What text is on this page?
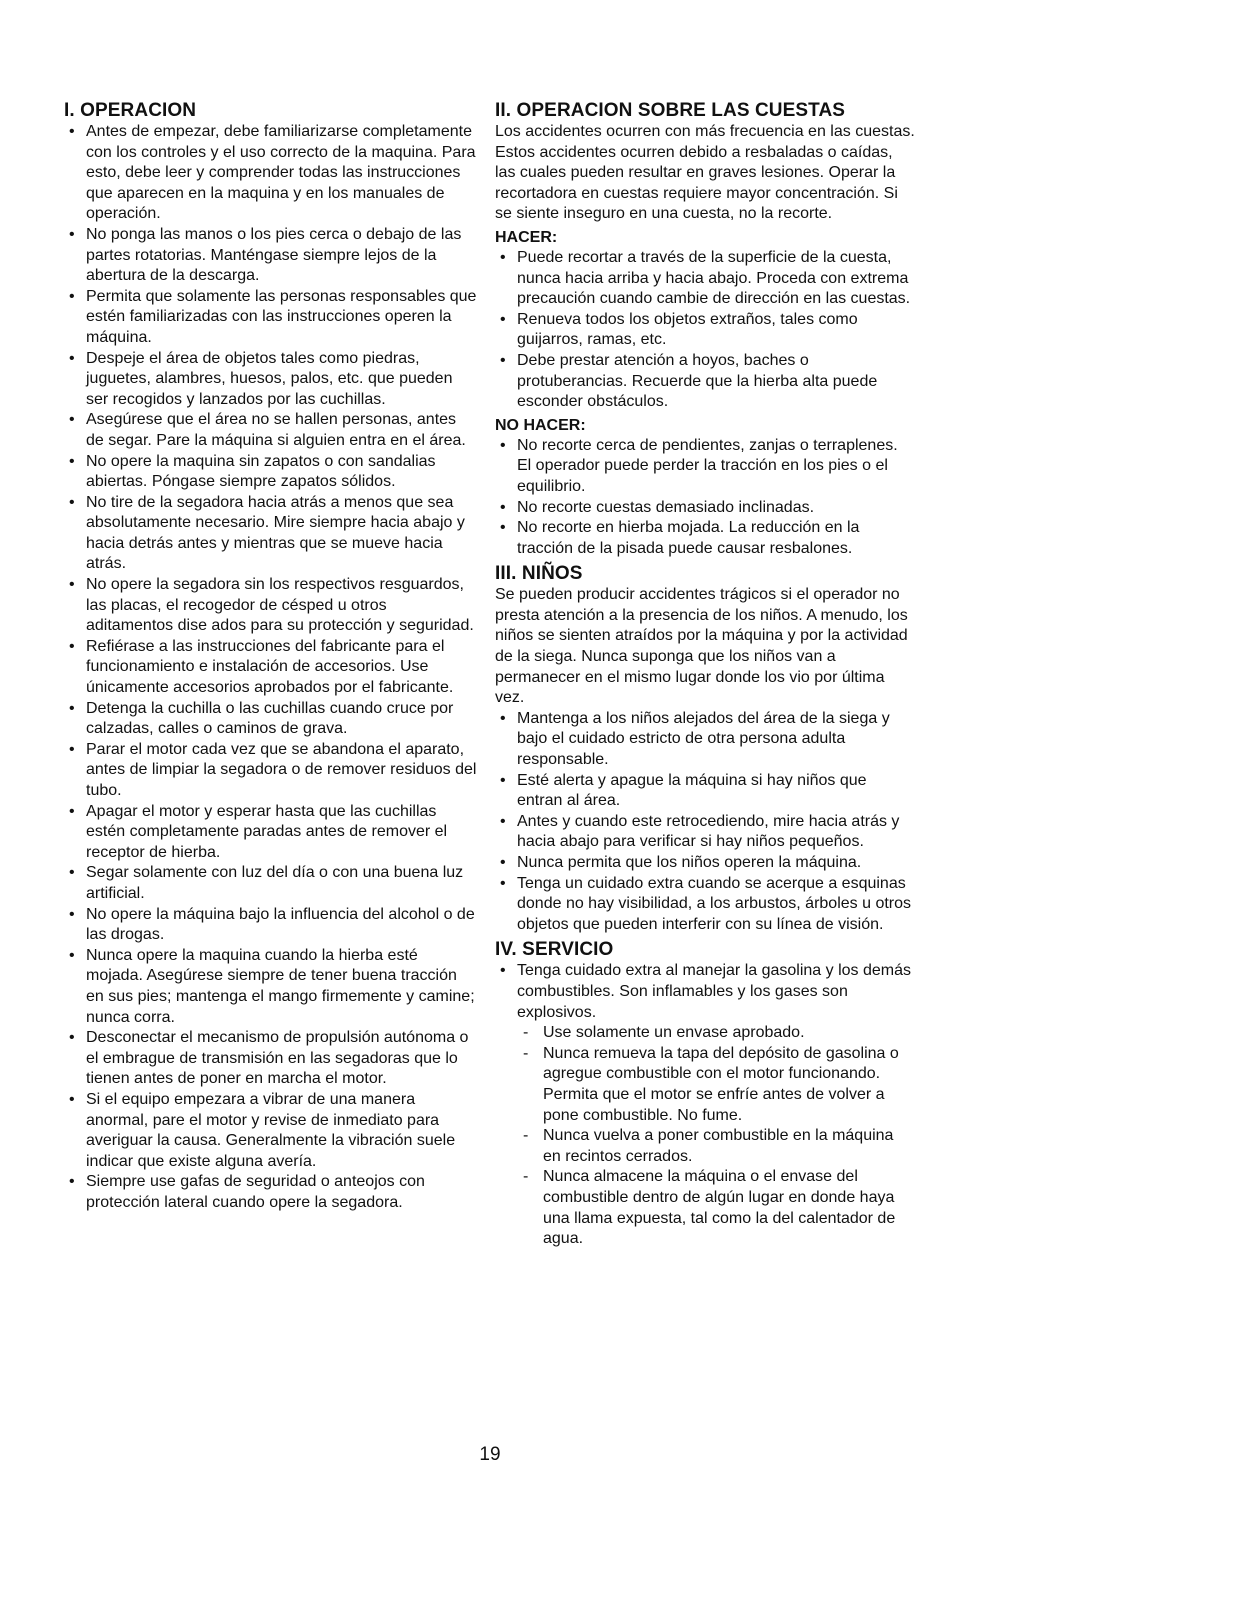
I. OPERACION
• Antes de empezar, debe familiarizarse completamente con los controles y el uso correcto de la maquina. Para esto, debe leer y comprender todas las instrucciones que aparecen en la maquina y en los manuales de operación.
• No ponga las manos o los pies cerca o debajo de las partes rotatorias. Manténgase siempre lejos de la abertura de la descarga.
• Permita que solamente las personas responsables que estén familiarizadas con las instrucciones operen la máquina.
• Despeje el área de objetos tales como piedras, juguetes, alambres, huesos, palos, etc. que pueden ser recogidos y lanzados por las cuchillas.
• Asegúrese que el área no se hallen personas, antes de segar. Pare la máquina si alguien entra en el área.
• No opere la maquina sin zapatos o con sandalias abiertas. Póngase siempre zapatos sólidos.
• No tire de la segadora hacia atrás a menos que sea absolutamente necesario. Mire siempre hacia abajo y hacia detrás antes y mientras que se mueve hacia atrás.
• No opere la segadora sin los respectivos resguardos, las placas, el recogedor de césped u otros aditamentos dise ados para su protección y seguridad.
• Refiérase a las instrucciones del fabricante para el funcionamiento e instalación de accesorios. Use únicamente accesorios aprobados por el fabricante.
• Detenga la cuchilla o las cuchillas cuando cruce por calzadas, calles o caminos de grava.
• Parar el motor cada vez que se abandona el aparato, antes de limpiar la segadora o de remover residuos del tubo.
• Apagar el motor y esperar hasta que las cuchillas estén completamente paradas antes de remover el receptor de hierba.
• Segar solamente con luz del día o con una buena luz artificial.
• No opere la máquina bajo la influencia del alcohol o de las drogas.
• Nunca opere la maquina cuando la hierba esté mojada. Asegúrese siempre de tener buena tracción en sus pies; mantenga el mango firmemente y camine; nunca corra.
• Desconectar el mecanismo de propulsión autónoma o el embrague de transmisión en las segadoras que lo tienen antes de poner en marcha el motor.
• Si el equipo empezara a vibrar de una manera anormal, pare el motor y revise de inmediato para averiguar la causa. Generalmente la vibración suele indicar que existe alguna avería.
• Siempre use gafas de seguridad o anteojos con protección lateral cuando opere la segadora.
II. OPERACION SOBRE LAS CUESTAS

Los accidentes ocurren con más frecuencia en las cuestas. Estos accidentes ocurren debido a resbaladas o caídas, las cuales pueden resultar en graves lesiones. Operar la recortadora en cuestas requiere mayor concentración. Si se siente inseguro en una cuesta, no la recorte.

HACER:
• Puede recortar a través de la superficie de la cuesta, nunca hacia arriba y hacia abajo. Proceda con extrema precaución cuando cambie de dirección en las cuestas.
• Renueva todos los objetos extraños, tales como guijarros, ramas, etc.
• Debe prestar atención a hoyos, baches o protuberancias. Recuerde que la hierba alta puede esconder obstáculos.
NO HACER:
• No recorte cerca de pendientes, zanjas o terraplenes. El operador puede perder la tracción en los pies o el equilibrio.
• No recorte cuestas demasiado inclinadas.
• No recorte en hierba mojada. La reducción en la tracción de la pisada puede causar resbalones.
III. NIÑOS

Se pueden producir accidentes trágicos si el operador no presta atención a la presencia de los niños. A menudo, los niños se sienten atraídos por la máquina y por la actividad de la siega. Nunca suponga que los niños van a permanecer en el mismo lugar donde los vio por última vez.

• Mantenga a los niños alejados del área de la siega y bajo el cuidado estricto de otra persona adulta responsable.
• Esté alerta y apague la máquina si hay niños que entran al área.
• Antes y cuando este retrocediendo, mire hacia atrás y hacia abajo para verificar si hay niños pequeños.
• Nunca permita que los niños operen la máquina.
• Tenga un cuidado extra cuando se acerque a esquinas donde no hay visibilidad, a los arbustos, árboles u otros objetos que pueden interferir con su línea de visión.
IV. SERVICIO
• Tenga cuidado extra al manejar la gasolina y los demás combustibles. Son inflamables y los gases son explosivos.
- Use solamente un envase aprobado.
- Nunca remueva la tapa del depósito de gasolina o agregue combustible con el motor funcionando. Permita que el motor se enfríe antes de volver a pone combustible. No fume.
- Nunca vuelva a poner combustible en la máquina en recintos cerrados.
- Nunca almacene la máquina o el envase del combustible dentro de algún lugar en donde haya una llama expuesta, tal como la del calentador de agua.
19
